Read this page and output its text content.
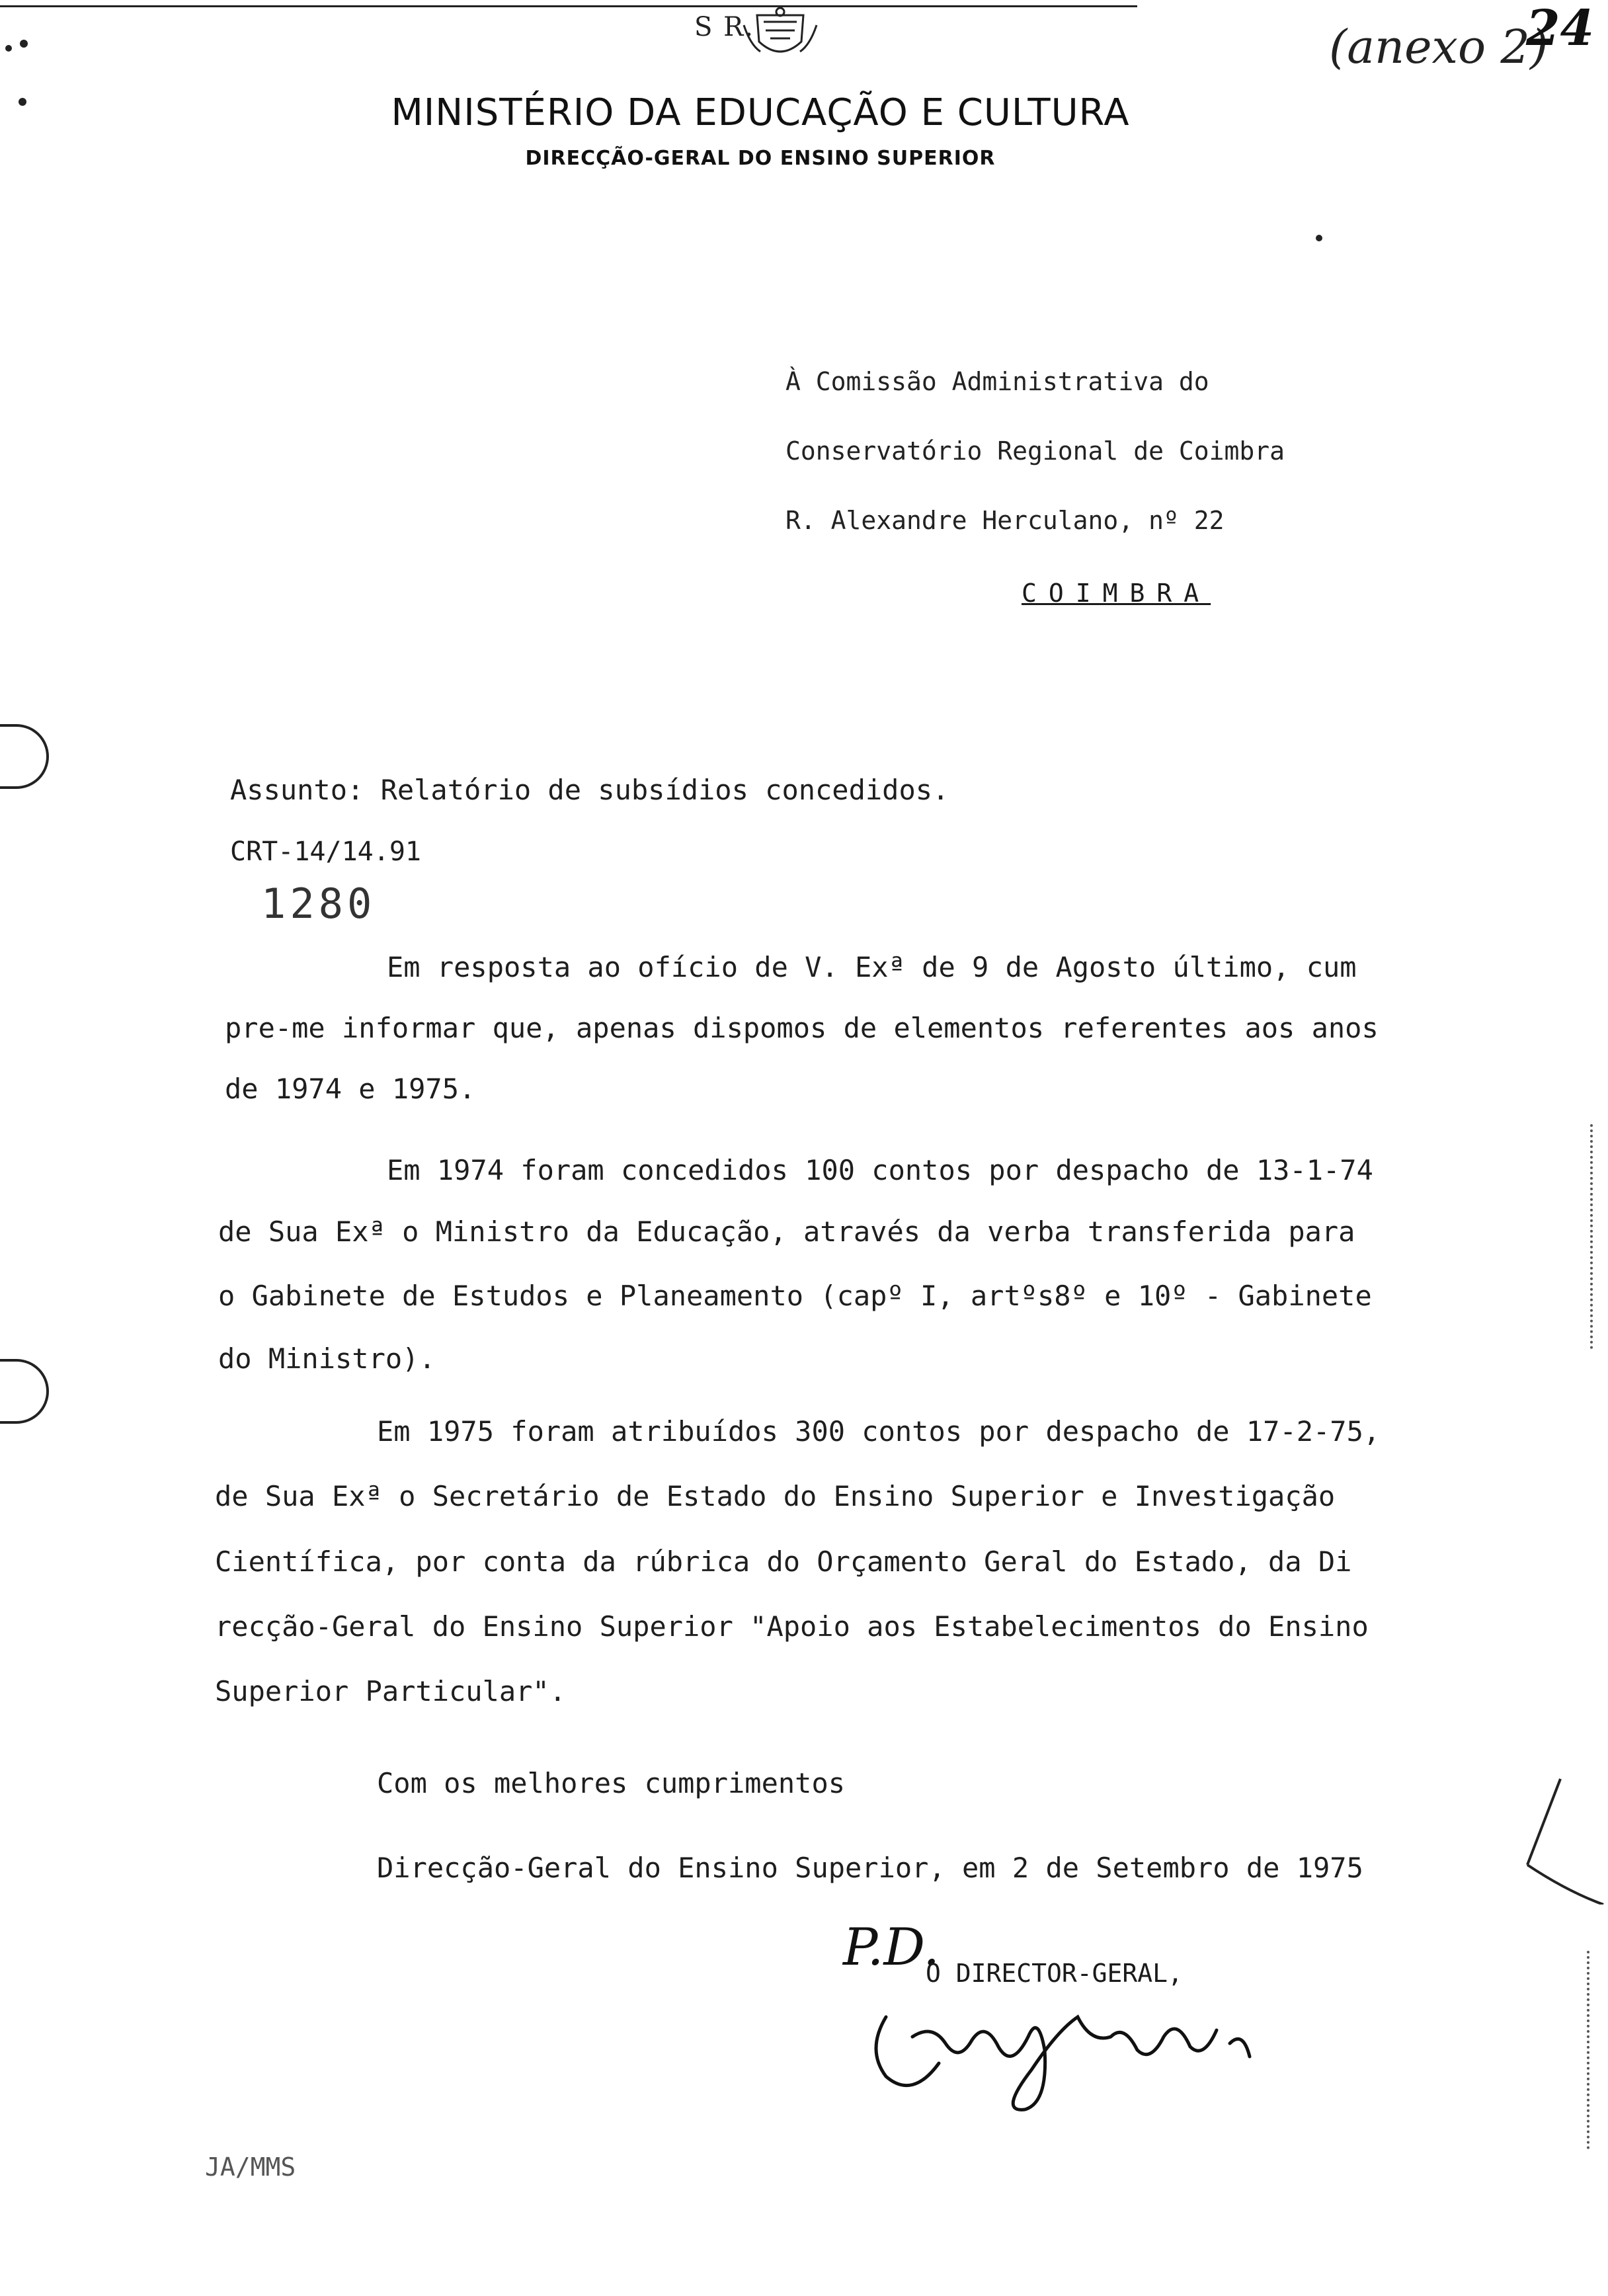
S R.	(anexo 2)
24
MINISTÉRIO DA EDUCAÇÃO E CULTURA
DIRECÇÃO-GERAL DO ENSINO SUPERIOR
À Comissão Administrativa do
Conservatório Regional de Coimbra
R. Alexandre Herculano, nº 22
COIMBRA
Assunto: Relatório de subsídios concedidos.
CRT-14/14.91
1280
Em resposta ao ofício de V. Exª de 9 de Agosto último, cum
pre-me informar que, apenas dispomos de elementos referentes aos anos
de 1974 e 1975.
Em 1974 foram concedidos 100 contos por despacho de 13-1-74
de Sua Exª o Ministro da Educação, através da verba transferida para
o Gabinete de Estudos e Planeamento (capº I, artºs8º e 10º - Gabinete
do Ministro).
Em 1975 foram atribuídos 300 contos por despacho de 17-2-75,
de Sua Exª o Secretário de Estado do Ensino Superior e Investigação
Científica, por conta da rúbrica do Orçamento Geral do Estado, da Di
recção-Geral do Ensino Superior "Apoio aos Estabelecimentos do Ensino
Superior Particular".
Com os melhores cumprimentos
Direcção-Geral do Ensino Superior, em 2 de Setembro de 1975
P.D.
O DIRECTOR-GERAL,
JA/MMS
